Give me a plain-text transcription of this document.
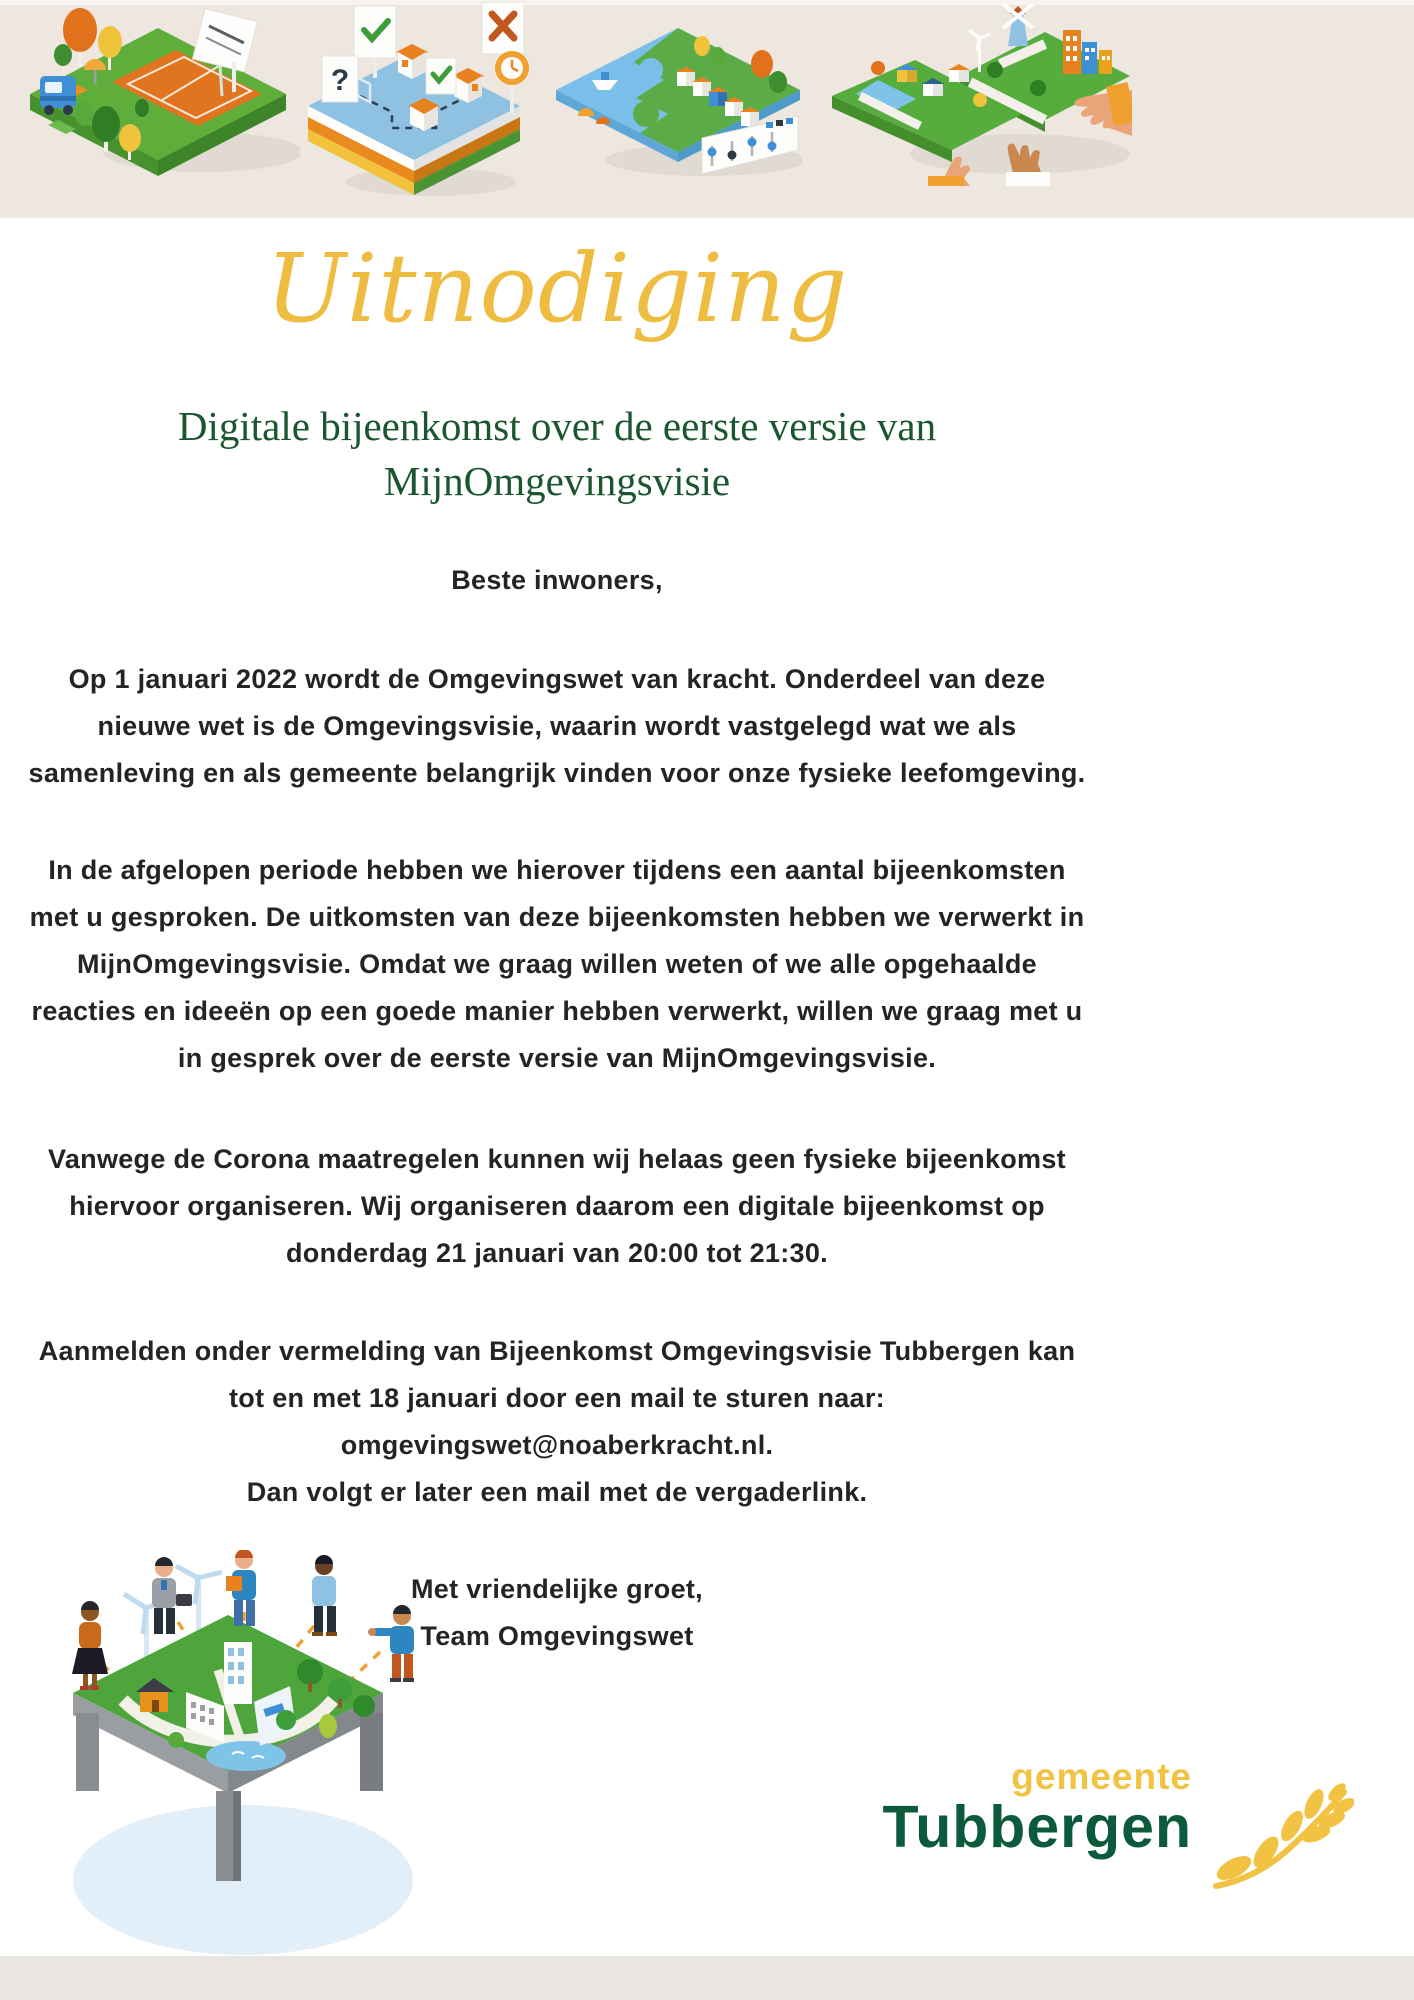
?
Uitnodiging
Digitale bijeenkomst over de eerste versie van
MijnOmgevingsvisie
Beste inwoners,
Op 1 januari 2022 wordt de Omgevingswet van kracht. Onderdeel van deze
nieuwe wet is de Omgevingsvisie, waarin wordt vastgelegd wat we als
samenleving en als gemeente belangrijk vinden voor onze fysieke leefomgeving.
In de afgelopen periode hebben we hierover tijdens een aantal bijeenkomsten
met u gesproken. De uitkomsten van deze bijeenkomsten hebben we verwerkt in
MijnOmgevingsvisie. Omdat we graag willen weten of we alle opgehaalde
reacties en ideeën op een goede manier hebben verwerkt, willen we graag met u
in gesprek over de eerste versie van MijnOmgevingsvisie.
Vanwege de Corona maatregelen kunnen wij helaas geen fysieke bijeenkomst
hiervoor organiseren. Wij organiseren daarom een digitale bijeenkomst op
donderdag 21 januari van 20:00 tot 21:30.
Aanmelden onder vermelding van Bijeenkomst Omgevingsvisie Tubbergen kan
tot en met 18 januari door een mail te sturen naar:
omgevingswet@noaberkracht.nl.
Dan volgt er later een mail met de vergaderlink.
Met vriendelijke groet,
Team Omgevingswet
gemeente
Tubbergen
